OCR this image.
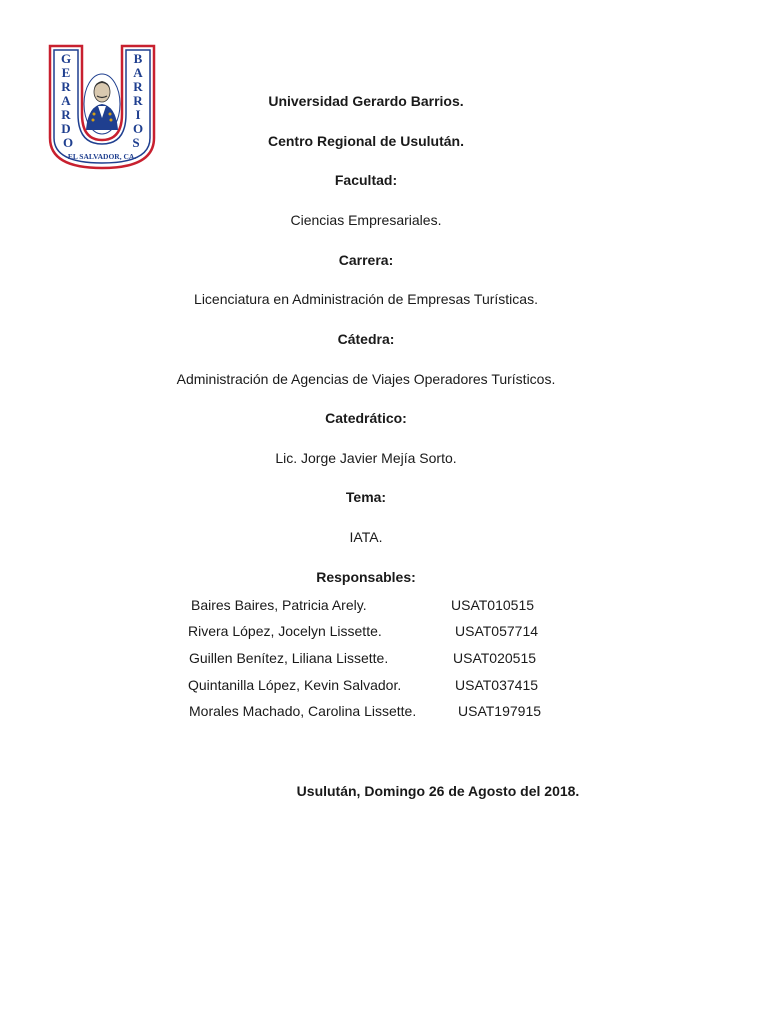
G
E
R
A
R
D
O
B
A
R
R
I
O
S
EL SALVADOR, CA.
Universidad Gerardo Barrios.
Centro Regional de Usulután.
Facultad:
Ciencias Empresariales.
Carrera:
Licenciatura en Administración de Empresas Turísticas.
Cátedra:
Administración de Agencias de Viajes Operadores Turísticos.
Catedrático:
Lic. Jorge Javier Mejía Sorto.
Tema:
IATA.
Responsables:
Baires Baires, Patricia Arely.	USAT010515
Rivera López, Jocelyn Lissette.	USAT057714
Guillen Benítez, Liliana Lissette.	USAT020515
Quintanilla López, Kevin Salvador.	USAT037415
Morales Machado, Carolina Lissette.	USAT197915
Usulután, Domingo 26 de Agosto del 2018.
